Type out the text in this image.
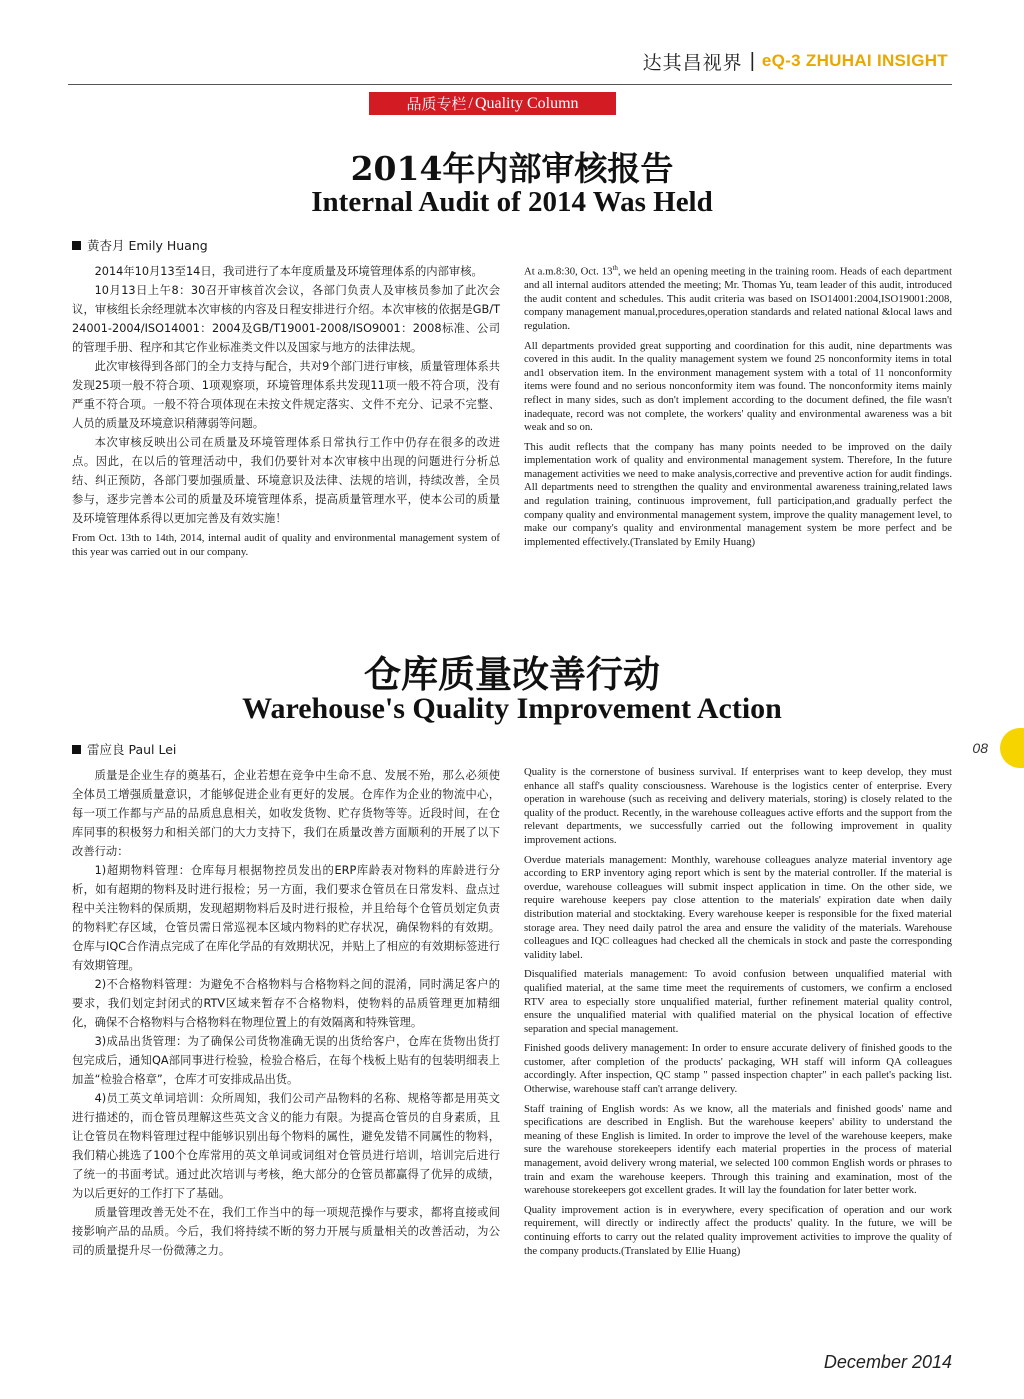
达其昌视界 | eQ-3 ZHUHAI INSIGHT
品质专栏 / Quality Column
2014年内部审核报告
Internal Audit of 2014 Was Held
黄杏月 Emily Huang

2014年10月13至14日，我司进行了本年度质量及环境管理体系的内部审核。

10月13日上午8：30召开审核首次会议，各部门负责人及审核员参加了此次会议，审核组长余经理就本次审核的内容及日程安排进行介绍。本次审核的依据是GB/T24001-2004/ISO14001：2004及GB/T19001-2008/ISO9001：2008标准、公司的管理手册、程序和其它作业标准类文件以及国家与地方的法律法规。

此次审核得到各部门的全力支持与配合，共对9个部门进行审核，质量管理体系共发现25项一般不符合项、1项观察项，环境管理体系共发现11项一般不符合项，没有严重不符合项。一般不符合项体现在未按文件规定落实、文件不充分、记录不完整、人员的质量及环境意识稍薄弱等问题。

本次审核反映出公司在质量及环境管理体系日常执行工作中仍存在很多的改进点。因此，在以后的管理活动中，我们仍要针对本次审核中出现的问题进行分析总结、纠正预防，各部门要加强质量、环境意识及法律、法规的培训，持续改善，全员参与，逐步完善本公司的质量及环境管理体系，提高质量管理水平，使本公司的质量及环境管理体系得以更加完善及有效实施！

From Oct. 13th to 14th, 2014, internal audit of quality and environmental management system of this year was carried out in our company.

At a.m.8:30, Oct. 13th, we held an opening meeting in the training room. Heads of each department and all internal auditors attended the meeting; Mr. Thomas Yu, team leader of this audit, introduced the audit content and schedules. This audit criteria was based on ISO14001:2004,ISO19001:2008, company management manual,procedures,operation standards and related national &local laws and regulation.

All departments provided great supporting and coordination for this audit, nine departments was covered in this audit. In the quality management system we found 25 nonconformity items in total and1 observation item. In the environment management system with a total of 11 nonconformity items were found and no serious nonconformity item was found. The nonconformity items mainly reflect in many sides, such as don't implement according to the document defined, the file wasn't inadequate, record was not complete, the workers' quality and environmental awareness was a bit weak and so on.

This audit reflects that the company has many points needed to be improved on the daily implementation work of quality and environmental management system. Therefore, In the future management activities we need to make analysis,corrective and preventive action for audit findings. All departments need to strengthen the quality and environmental awareness training,related laws and regulation training, continuous improvement, full participation,and gradually perfect the company quality and environmental management system, improve the quality management level, to make our company's quality and environmental management system be more perfect and be implemented effectively.(Translated by Emily Huang)

仓库质量改善行动
Warehouse's Quality Improvement Action
雷应良 Paul Lei

质量是企业生存的奠基石，企业若想在竞争中生命不息、发展不殆，那么必须使全体员工增强质量意识，才能够促进企业有更好的发展。仓库作为企业的物流中心，每一项工作都与产品的品质息息相关，如收发货物、贮存货物等等。近段时间，在仓库同事的积极努力和相关部门的大力支持下，我们在质量改善方面顺利的开展了以下改善行动：

1)超期物料管理：仓库每月根据物控员发出的ERP库龄表对物料的库龄进行分析，如有超期的物料及时进行报检；另一方面，我们要求仓管员在日常发料、盘点过程中关注物料的保质期，发现超期物料后及时进行报检，并且给每个仓管员划定负责的物料贮存区域，仓管员需日常巡视本区域内物料的贮存状况，确保物料的有效期。仓库与IQC合作清点完成了在库化学品的有效期状况，并贴上了相应的有效期标签进行有效期管理。

2)不合格物料管理：为避免不合格物料与合格物料之间的混淆，同时满足客户的要求，我们划定封闭式的RTV区域来暂存不合格物料，使物料的品质管理更加精细化，确保不合格物料与合格物料在物理位置上的有效隔离和特殊管理。

3)成品出货管理：为了确保公司货物准确无误的出货给客户，仓库在货物出货打包完成后，通知QA部同事进行检验，检验合格后，在每个栈板上贴有的包装明细表上加盖“检验合格章”，仓库才可安排成品出货。

4)员工英文单词培训：众所周知，我们公司产品物料的名称、规格等都是用英文进行描述的，而仓管员理解这些英文含义的能力有限。为提高仓管员的自身素质，且让仓管员在物料管理过程中能够识别出每个物料的属性，避免发错不同属性的物料，我们精心挑选了100个仓库常用的英文单词或词组对仓管员进行培训，培训完后进行了统一的书面考试。通过此次培训与考核，绝大部分的仓管员都赢得了优异的成绩，为以后更好的工作打下了基础。

质量管理改善无处不在，我们工作当中的每一项规范操作与要求，都将直接或间接影响产品的品质。今后，我们将持续不断的努力开展与质量相关的改善活动，为公司的质量提升尽一份微薄之力。

Quality is the cornerstone of business survival. If enterprises want to keep develop, they must enhance all staff's quality consciousness. Warehouse is the logistics center of enterprise. Every operation in warehouse (such as receiving and delivery materials, storing) is closely related to the quality of the product. Recently, in the warehouse colleagues active efforts and the support from the relevant departments, we successfully carried out the following improvement in quality improvement actions.

Overdue materials management: Monthly, warehouse colleagues analyze material inventory age according to ERP inventory aging report which is sent by the material controller. If the material is overdue, warehouse colleagues will submit inspect application in time. On the other side, we require warehouse keepers pay close attention to the materials' expiration date when daily distribution material and stocktaking. Every warehouse keeper is responsible for the fixed material storage area. They need daily patrol the area and ensure the validity of the materials. Warehouse colleagues and IQC colleagues had checked all the chemicals in stock and paste the corresponding validity label.

Disqualified materials management: To avoid confusion between unqualified material with qualified material, at the same time meet the requirements of customers, we confirm a enclosed RTV area to especially store unqualified material, further refinement material quality control, ensure the unqualified material with qualified material on the physical location of effective separation and special management.

Finished goods delivery management: In order to ensure accurate delivery of finished goods to the customer, after completion of the products' packaging, WH staff will inform QA colleagues accordingly. After inspection, QC stamp " passed inspection chapter" in each pallet's packing list. Otherwise, warehouse staff can't arrange delivery.

Staff training of English words: As we know, all the materials and finished goods' name and specifications are described in English. But the warehouse keepers' ability to understand the meaning of these English is limited. In order to improve the level of the warehouse keepers, make sure the warehouse storekeepers identify each material properties in the process of material management, avoid delivery wrong material, we selected 100 common English words or phrases to train and exam the warehouse keepers. Through this training and examination, most of the warehouse storekeepers got excellent grades. It will lay the foundation for later better work.

Quality improvement action is in everywhere, every specification of operation and our work requirement, will directly or indirectly affect the products' quality. In the future, we will be continuing efforts to carry out the related quality improvement activities to improve the quality of the company products.(Translated by Ellie Huang)

08
December 2014
